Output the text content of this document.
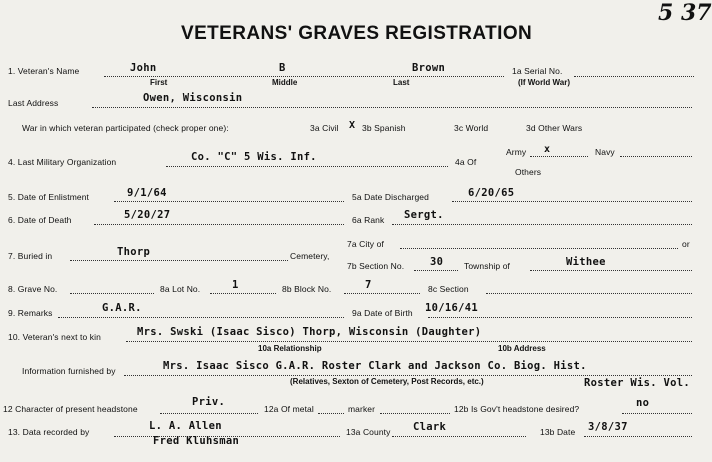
5 37
VETERANS' GRAVES REGISTRATION
1. Veteran's Name	John	B	Brown
First	Middle	Last
1a Serial No.
(If World War)
Last Address	Owen, Wisconsin
War in which veteran participated (check proper one):	3a Civil X 3b Spanish	3c World	3d Other Wars
4. Last Military Organization	Co. "C" 5 Wis. Inf.	4a Of
Army x	Navy
Others
5. Date of Enlistment	9/1/64	5a Date Discharged	6/20/65
6. Date of Death	5/20/27	6a Rank Sergt.
7. Buried in	Thorp	Cemetery,
7a City of	or
7b Section No. 30 Township of	Withee
8. Grave No.	8a Lot No.	1	8b Block No.	7	8c Section
9. Remarks	G.A.R.	9a Date of Birth 10/16/41
10. Veteran's next to kin	Mrs. Swski (Isaac Sisco) Thorp, Wisconsin (Daughter)
10a Relationship	10b Address
Information furnished by	Mrs. Isaac Sisco G.A.R. Roster Clark and Jackson Co. Biog. Hist.
(Relatives, Sexton of Cemetery, Post Records, etc.)	Roster Wis. Vol.
12 Character of present headstone
Priv.
12a Of metal	marker	12b Is Gov't headstone desired?	no
13. Data recorded by	L. A. Allen
Fred Kluhsman
13a County Clark	13b Date 3/8/37
